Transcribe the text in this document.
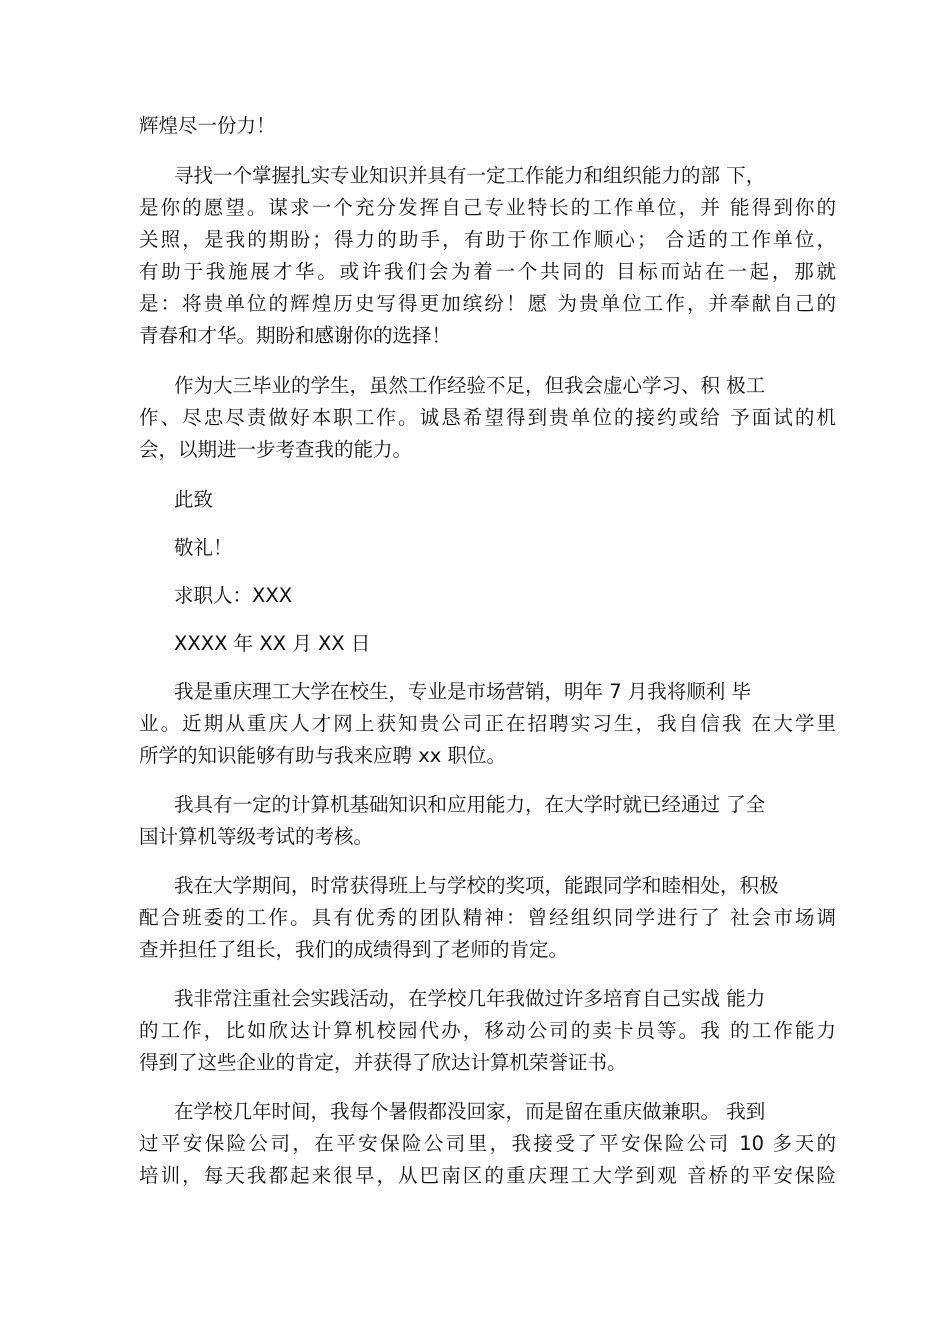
辉煌尽一份力！
寻找一个掌握扎实专业知识并具有一定工作能力和组织能力的部 下，
是你的愿望。谋求一个充分发挥自己专业特长的工作单位，并 能得到你的
关照，是我的期盼；得力的助手，有助于你工作顺心； 合适的工作单位，
有助于我施展才华。或许我们会为着一个共同的 目标而站在一起，那就
是：将贵单位的辉煌历史写得更加缤纷！愿 为贵单位工作，并奉献自己的
青春和才华。期盼和感谢你的选择！
作为大三毕业的学生，虽然工作经验不足，但我会虚心学习、积 极工
作、尽忠尽责做好本职工作。诚恳希望得到贵单位的接约或给 予面试的机
会，以期进一步考查我的能力。
此致
敬礼！
求职人：XXX
XXXX 年 XX 月 XX 日
我是重庆理工大学在校生，专业是市场营销，明年 7 月我将顺利 毕
业。近期从重庆人才网上获知贵公司正在招聘实习生，我自信我 在大学里
所学的知识能够有助与我来应聘 xx 职位。
我具有一定的计算机基础知识和应用能力，在大学时就已经通过 了全
国计算机等级考试的考核。
我在大学期间，时常获得班上与学校的奖项，能跟同学和睦相处，积极
配合班委的工作。具有优秀的团队精神：曾经组织同学进行了 社会市场调
查并担任了组长，我们的成绩得到了老师的肯定。
我非常注重社会实践活动，在学校几年我做过许多培育自己实战 能力
的工作，比如欣达计算机校园代办，移动公司的卖卡员等。我 的工作能力
得到了这些企业的肯定，并获得了欣达计算机荣誉证书。
在学校几年时间，我每个暑假都没回家，而是留在重庆做兼职。 我到
过平安保险公司，在平安保险公司里，我接受了平安保险公司 10 多天的
培训，每天我都起来很早，从巴南区的重庆理工大学到观 音桥的平安保险
